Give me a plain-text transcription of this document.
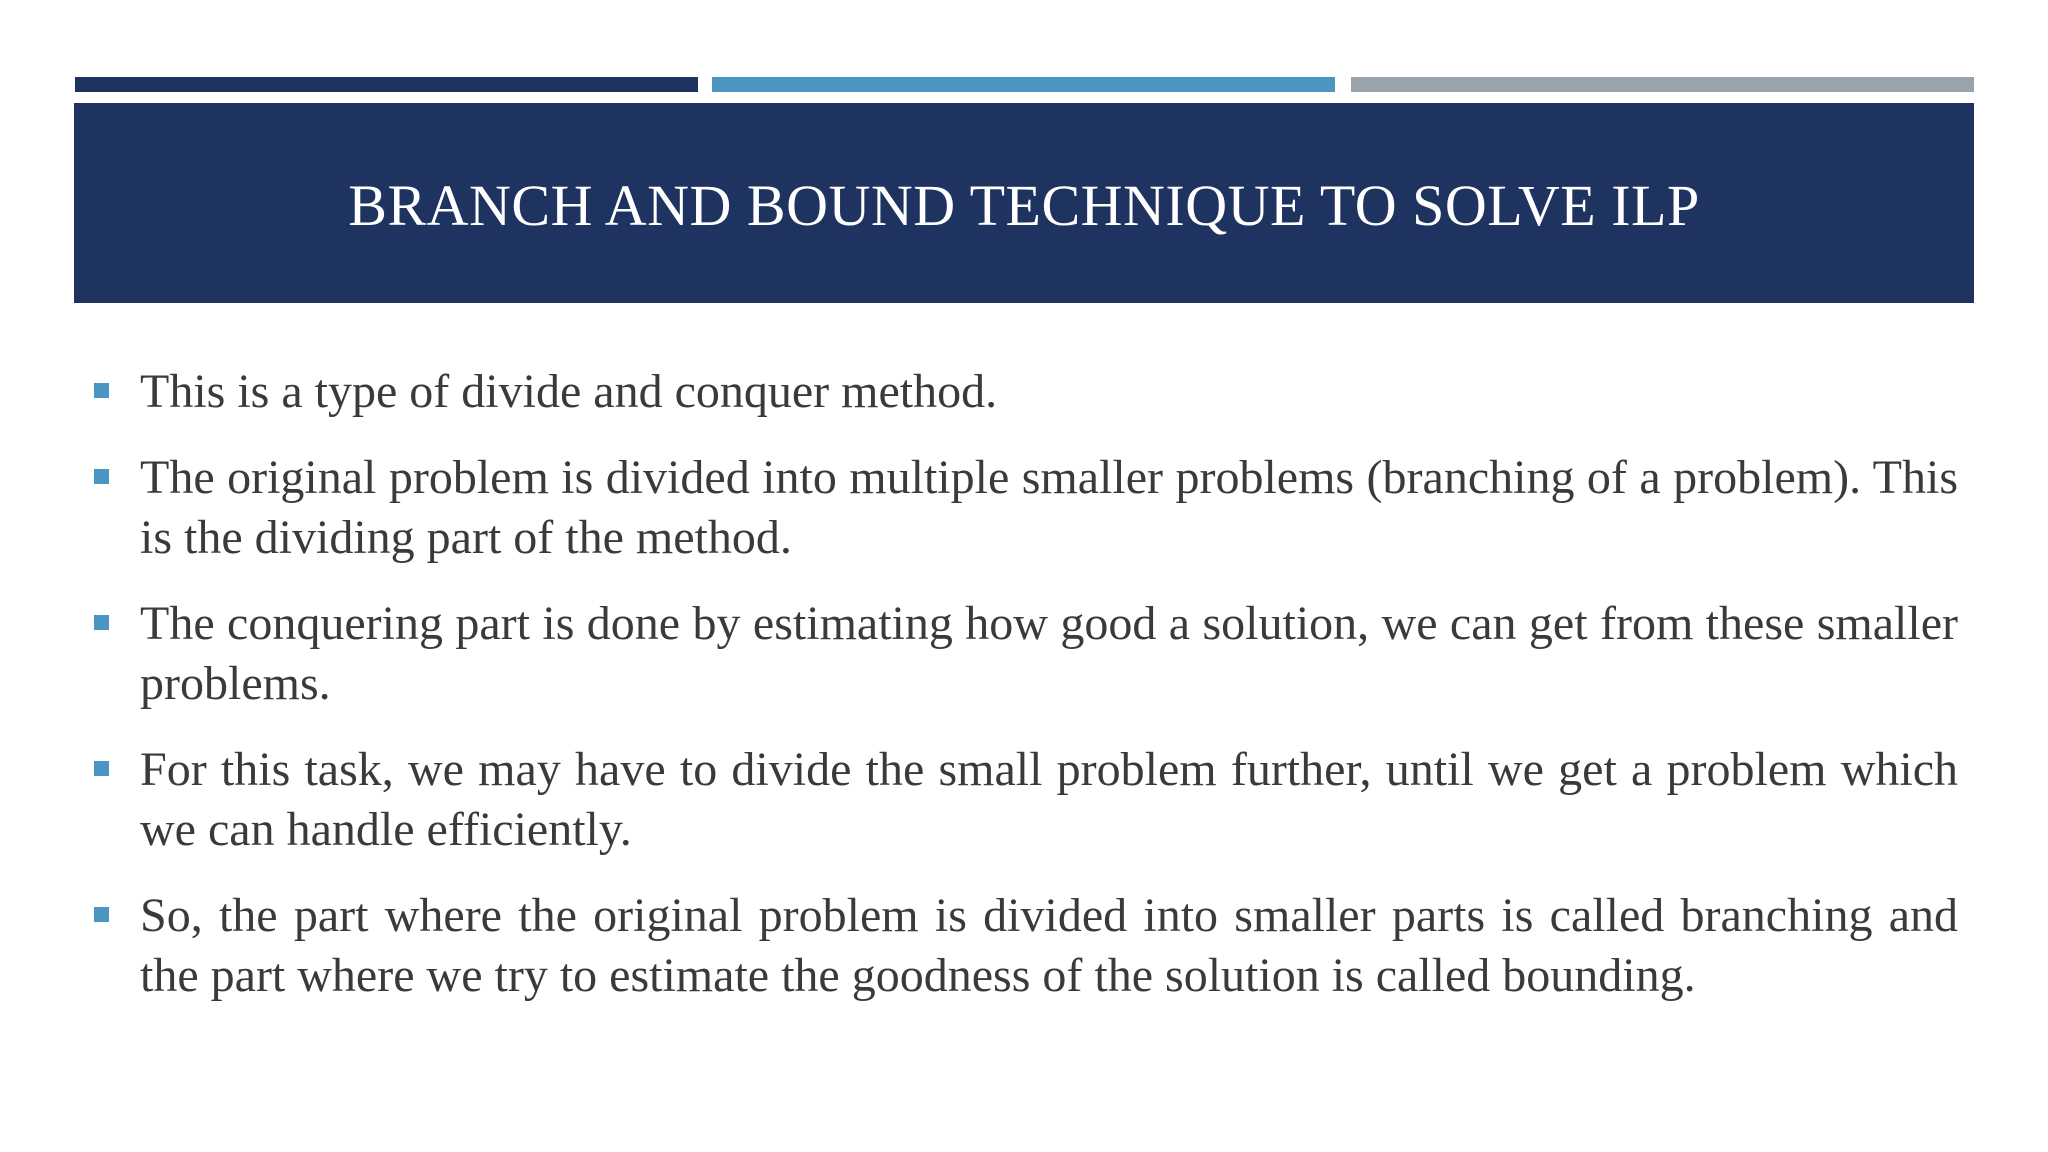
BRANCH AND BOUND TECHNIQUE TO SOLVE ILP
This is a type of divide and conquer method.
The original problem is divided into multiple smaller problems (branching of a problem). This is the dividing part of the method.
The conquering part is done by estimating how good a solution, we can get from these smaller problems.
For this task, we may have to divide the small problem further, until we get a problem which we can handle efficiently.
So, the part where the original problem is divided into smaller parts is called branching and the part where we try to estimate the goodness of the solution is called bounding.
